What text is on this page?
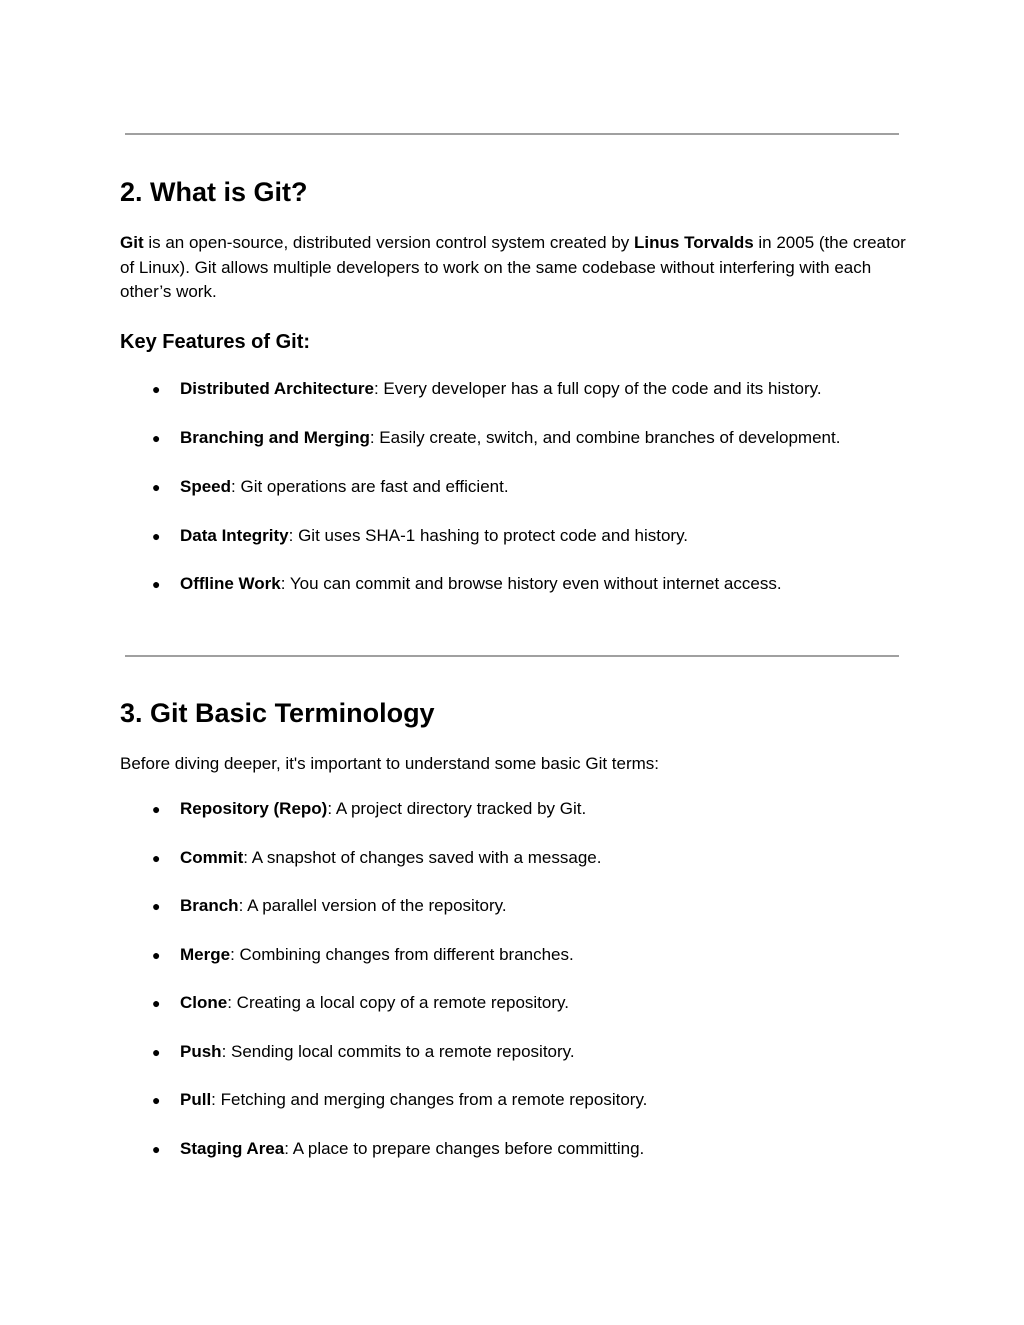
2. What is Git?

Git is an open-source, distributed version control system created by Linus Torvalds in 2005 (the creator of Linux). Git allows multiple developers to work on the same codebase without interfering with each other’s work.

Key Features of Git:
● Distributed Architecture: Every developer has a full copy of the code and its history.
● Branching and Merging: Easily create, switch, and combine branches of development.
● Speed: Git operations are fast and efficient.
● Data Integrity: Git uses SHA-1 hashing to protect code and history.
● Offline Work: You can commit and browse history even without internet access.
3. Git Basic Terminology

Before diving deeper, it's important to understand some basic Git terms:

● Repository (Repo): A project directory tracked by Git.
● Commit: A snapshot of changes saved with a message.
● Branch: A parallel version of the repository.
● Merge: Combining changes from different branches.
● Clone: Creating a local copy of a remote repository.
● Push: Sending local commits to a remote repository.
● Pull: Fetching and merging changes from a remote repository.
● Staging Area: A place to prepare changes before committing.
